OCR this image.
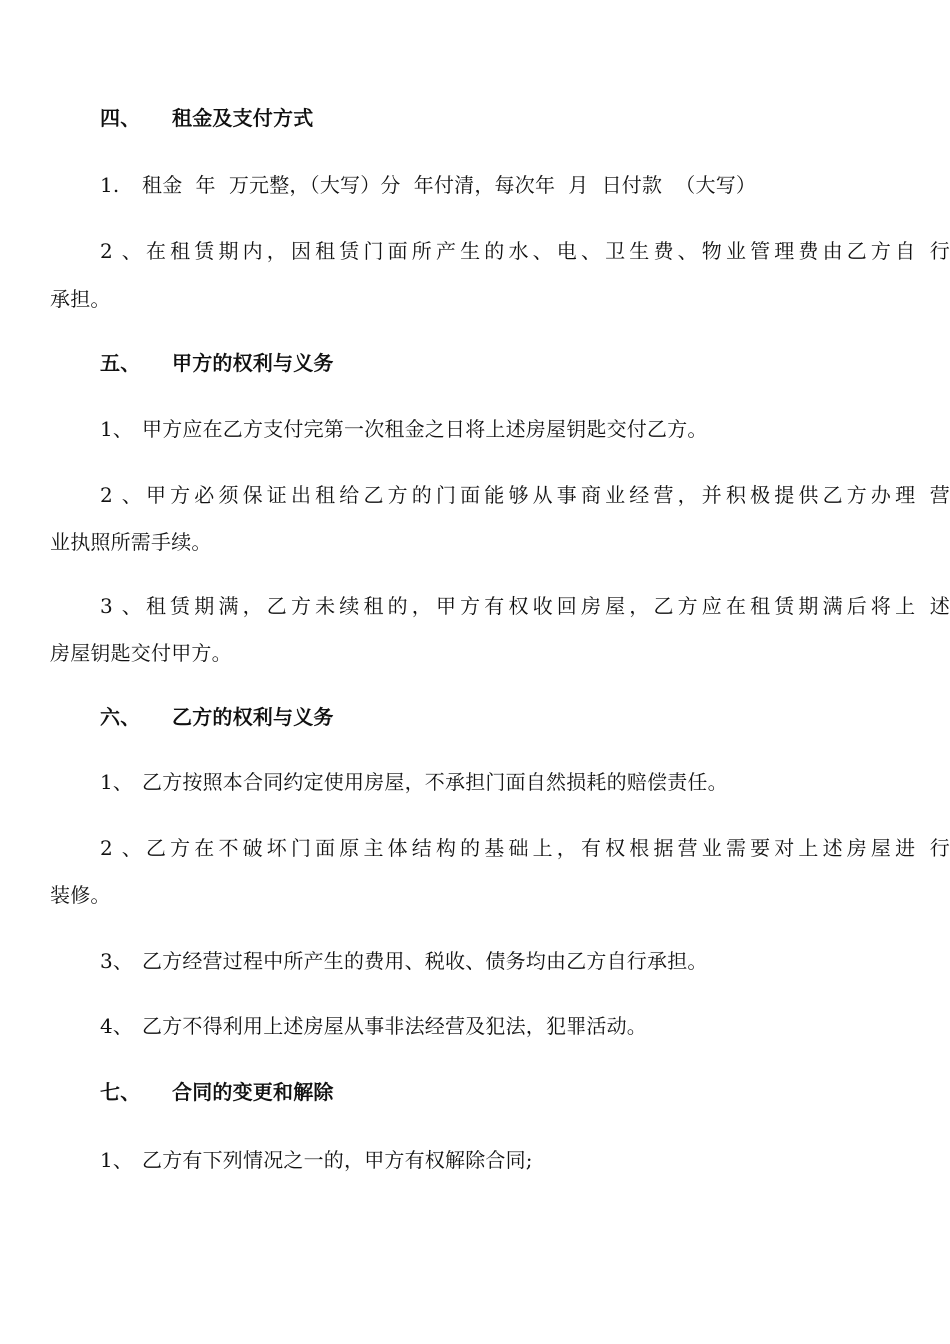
四、 租金及支付方式
1. 租金  年  万元整，（大写）分  年付清，每次年  月  日付款  （大写）
2、在租赁期内，因租赁门面所产生的水、电、卫生费、物业管理费由乙方自 行
承担。
五、 甲方的权利与义务
1、 甲方应在乙方支付完第一次租金之日将上述房屋钥匙交付乙方。
2、甲方必须保证出租给乙方的门面能够从事商业经营，并积极提供乙方办理 营
业执照所需手续。
3、租赁期满，乙方未续租的，甲方有权收回房屋，乙方应在租赁期满后将上 述
房屋钥匙交付甲方。
六、 乙方的权利与义务
1、 乙方按照本合同约定使用房屋，不承担门面自然损耗的赔偿责任。
2、乙方在不破坏门面原主体结构的基础上，有权根据营业需要对上述房屋进 行
装修。
3、 乙方经营过程中所产生的费用、税收、债务均由乙方自行承担。
4、 乙方不得利用上述房屋从事非法经营及犯法，犯罪活动。
七、 合同的变更和解除
1、 乙方有下列情况之一的，甲方有权解除合同;
